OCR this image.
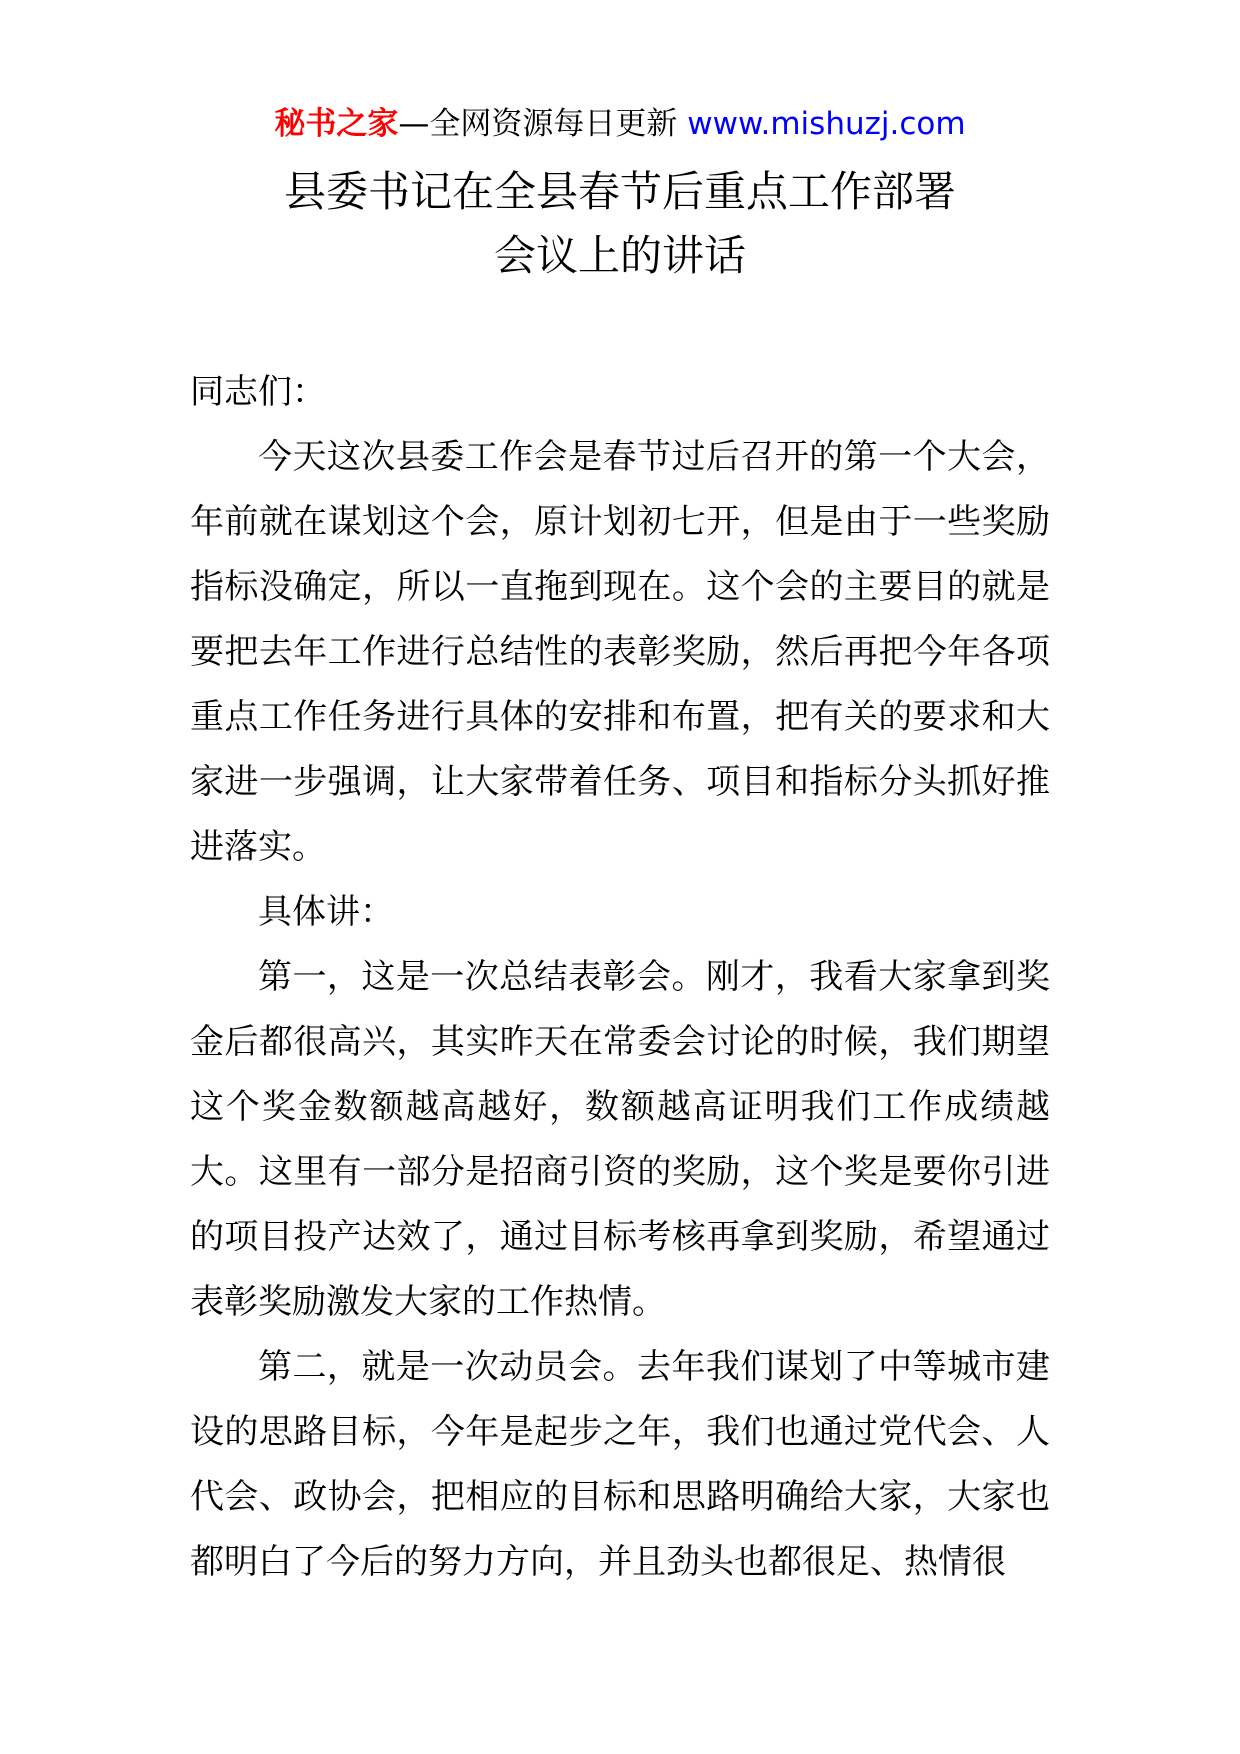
秘书之家—全网资源每日更新 www.mishuzj.com
县委书记在全县春节后重点工作部署
会议上的讲话

同志们：

今天这次县委工作会是春节过后召开的第一个大会，年前就在谋划这个会，原计划初七开，但是由于一些奖励指标没确定，所以一直拖到现在。这个会的主要目的就是要把去年工作进行总结性的表彰奖励，然后再把今年各项重点工作任务进行具体的安排和布置，把有关的要求和大家进一步强调，让大家带着任务、项目和指标分头抓好推进落实。

具体讲：

第一，这是一次总结表彰会。刚才，我看大家拿到奖金后都很高兴，其实昨天在常委会讨论的时候，我们期望这个奖金数额越高越好，数额越高证明我们工作成绩越大。这里有一部分是招商引资的奖励，这个奖是要你引进的项目投产达效了，通过目标考核再拿到奖励，希望通过表彰奖励激发大家的工作热情。

第二，就是一次动员会。去年我们谋划了中等城市建设的思路目标，今年是起步之年，我们也通过党代会、人代会、政协会，把相应的目标和思路明确给大家，大家也都明白了今后的努力方向，并且劲头也都很足、热情很
